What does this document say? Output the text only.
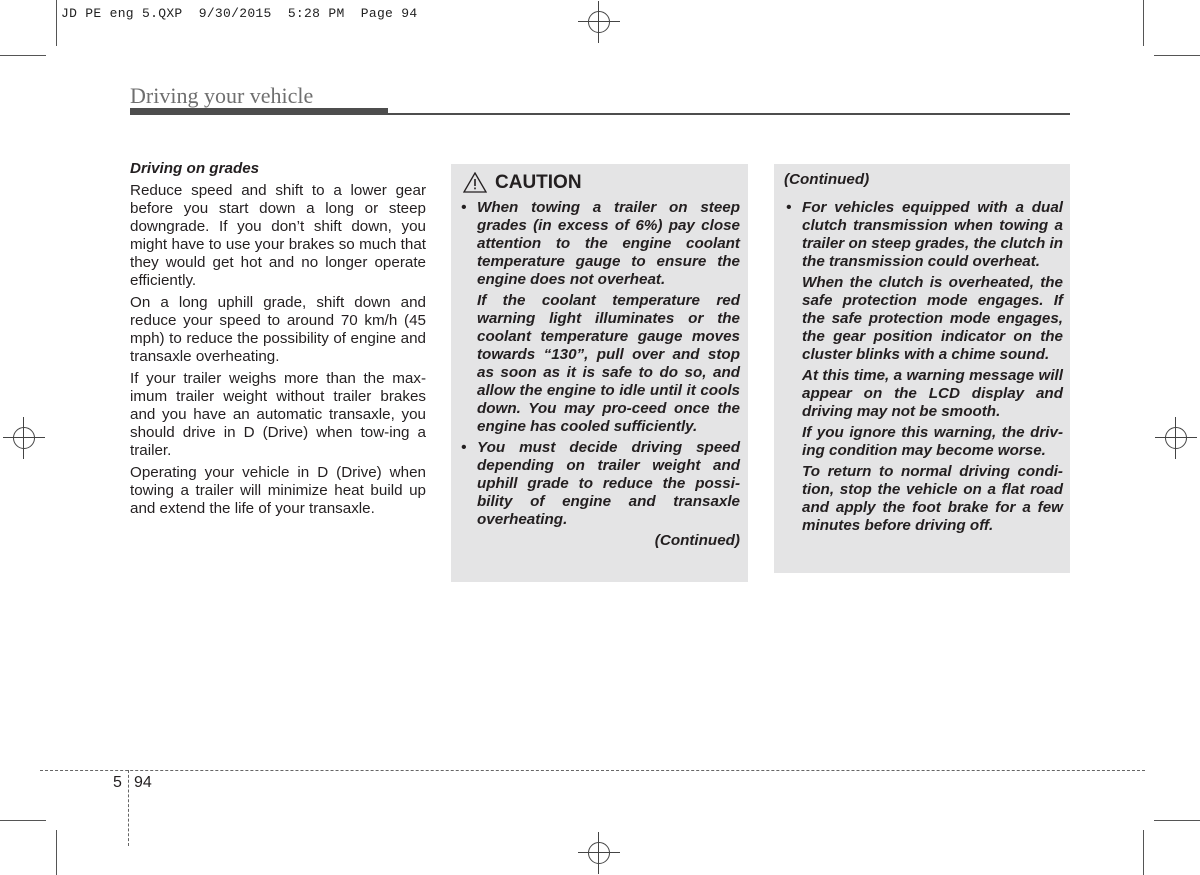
JD PE eng 5.QXP  9/30/2015  5:28 PM  Page 94
Driving your vehicle
Driving on grades

Reduce speed and shift to a lower gear before you start down a long or steep downgrade. If you don’t shift down, you might have to use your brakes so much that they would get hot and no longer operate efficiently.

On a long uphill grade, shift down and reduce your speed to around 70 km/h (45 mph) to reduce the possibility of engine and transaxle overheating.

If your trailer weighs more than the max-imum trailer weight without trailer brakes and you have an automatic transaxle, you should drive in D (Drive) when tow-ing a trailer.

Operating your vehicle in D (Drive) when towing a trailer will minimize heat build up and extend the life of your transaxle.

CAUTION
• When towing a trailer on steep grades (in excess of 6%) pay close attention to the engine coolant temperature gauge to ensure the engine does not overheat.

If the coolant temperature red warning light illuminates or the coolant temperature gauge moves towards “130”, pull over and stop as soon as it is safe to do so, and allow the engine to idle until it cools down. You may pro-ceed once the engine has cooled sufficiently.

• You must decide driving speed depending on trailer weight and uphill grade to reduce the possi-bility of engine and transaxle overheating.

(Continued)
(Continued)
• For vehicles equipped with a dual clutch transmission when towing a trailer on steep grades, the clutch in the transmission could overheat.

When the clutch is overheated, the safe protection mode engages. If the safe protection mode engages, the gear position indicator on the cluster blinks with a chime sound.

At this time, a warning message will appear on the LCD display and driving may not be smooth.

If you ignore this warning, the driv-ing condition may become worse.

To return to normal driving condi-tion, stop the vehicle on a flat road and apply the foot brake for a few minutes before driving off.

5 94
